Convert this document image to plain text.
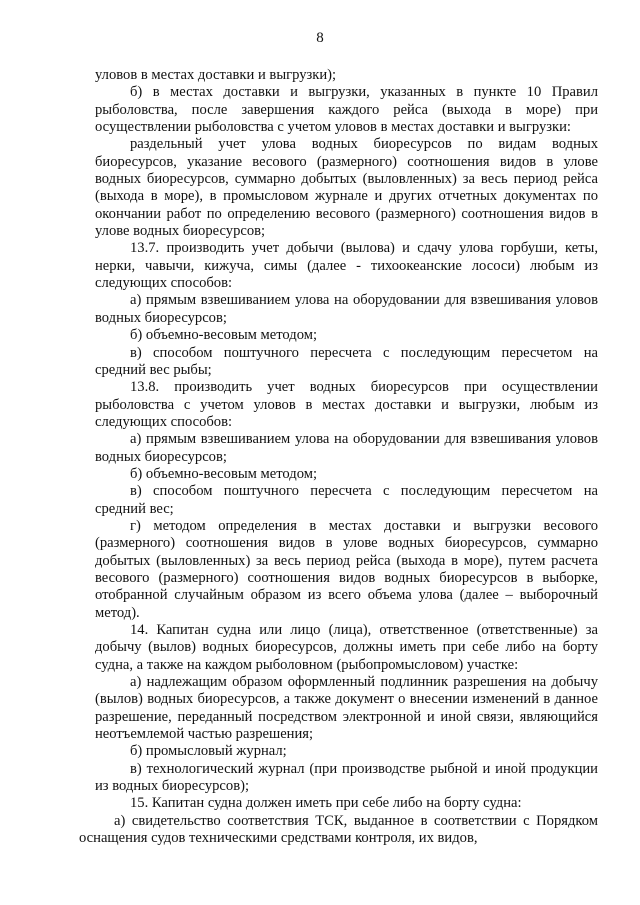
8

уловов в местах доставки и выгрузки);

б) в местах доставки и выгрузки, указанных в пункте 10 Правил рыболовства, после завершения каждого рейса (выхода в море) при осуществлении рыболовства с учетом уловов в местах доставки и выгрузки:

раздельный учет улова водных биоресурсов по видам водных биоресурсов, указание весового (размерного) соотношения видов в улове водных биоресурсов, суммарно добытых (выловленных) за весь период рейса (выхода в море), в промысловом журнале и других отчетных документах по окончании работ по определению весового (размерного) соотношения видов в улове водных биоресурсов;

13.7. производить учет добычи (вылова) и сдачу улова горбуши, кеты, нерки, чавычи, кижуча, симы (далее - тихоокеанские лососи) любым из следующих способов:

а) прямым взвешиванием улова на оборудовании для взвешивания уловов водных биоресурсов;

б) объемно-весовым методом;

в) способом поштучного пересчета с последующим пересчетом на средний вес рыбы;

13.8. производить учет водных биоресурсов при осуществлении рыболовства с учетом уловов в местах доставки и выгрузки, любым из следующих способов:

а) прямым взвешиванием улова на оборудовании для взвешивания уловов водных биоресурсов;

б) объемно-весовым методом;

в) способом поштучного пересчета с последующим пересчетом на средний вес;

г) методом определения в местах доставки и выгрузки весового (размерного) соотношения видов в улове водных биоресурсов, суммарно добытых (выловленных) за весь период рейса (выхода в море), путем расчета весового (размерного) соотношения видов водных биоресурсов в выборке, отобранной случайным образом из всего объема улова (далее – выборочный метод).

14. Капитан судна или лицо (лица), ответственное (ответственные) за добычу (вылов) водных биоресурсов, должны иметь при себе либо на борту судна, а также на каждом рыболовном (рыбопромысловом) участке:

а) надлежащим образом оформленный подлинник разрешения на добычу (вылов) водных биоресурсов, а также документ о внесении изменений в данное разрешение, переданный посредством электронной и иной связи, являющийся неотъемлемой частью разрешения;

б) промысловый журнал;

в) технологический журнал (при производстве рыбной и иной продукции из водных биоресурсов);

15. Капитан судна должен иметь при себе либо на борту судна:

а) свидетельство соответствия ТСК, выданное в соответствии с Порядком оснащения судов техническими средствами контроля, их видов,
